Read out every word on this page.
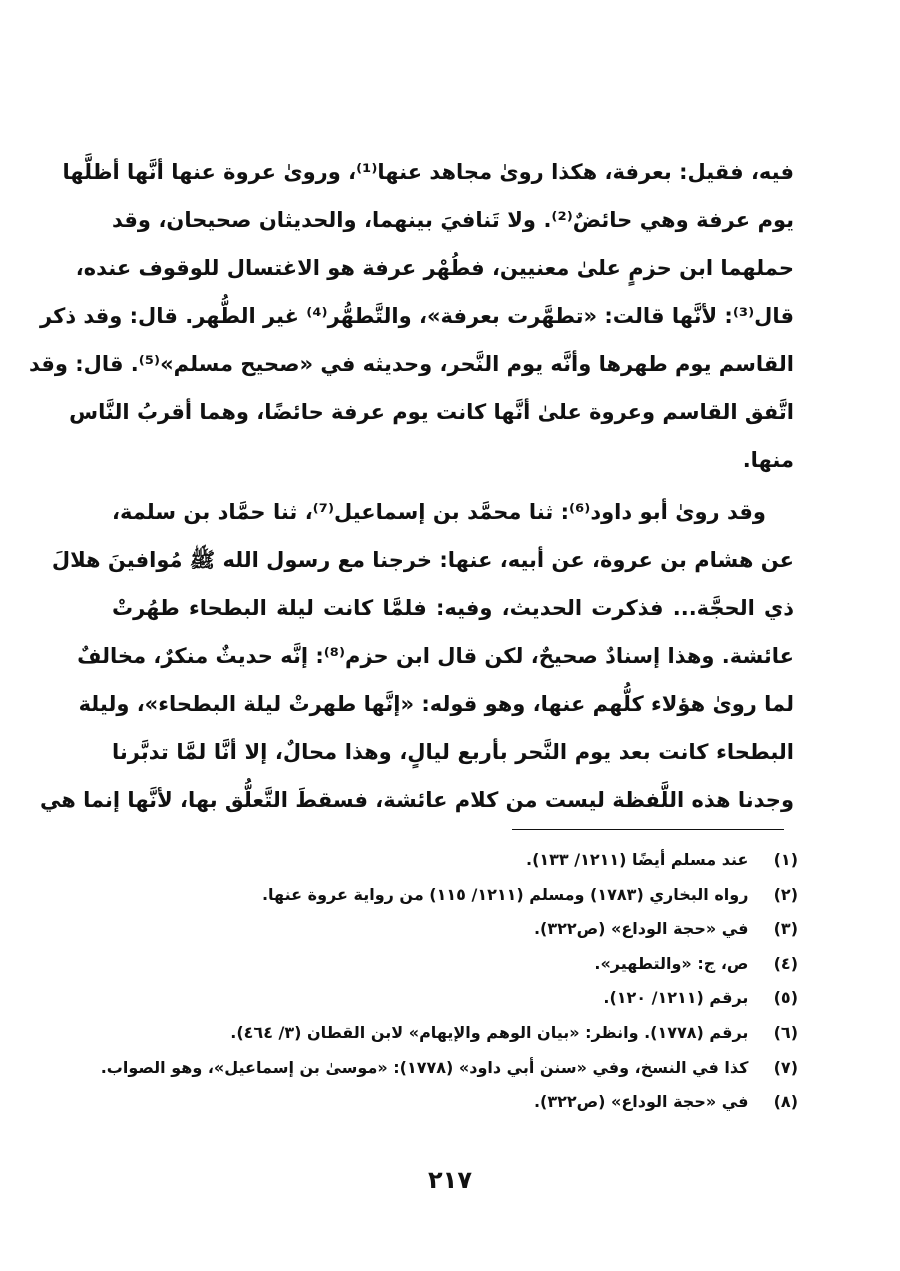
فيه، فقيل: بعرفة، هكذا روىٰ مجاهد عنها⁽¹⁾، وروىٰ عروة عنها أنَّها أظلَّها
يوم عرفة وهي حائضٌ⁽²⁾. ولا تَنافيَ بينهما، والحديثان صحيحان، وقد
حملهما ابن حزمٍ علىٰ معنيين، فطُهْر عرفة هو الاغتسال للوقوف عنده،
قال⁽³⁾: لأنَّها قالت: «تطهَّرت بعرفة»، والتَّطهُّر⁽⁴⁾ غير الطُّهر. قال: وقد ذكر
القاسم يوم طهرها وأنَّه يوم النَّحر، وحديثه في «صحيح مسلم»⁽⁵⁾. قال: وقد
اتَّفق القاسم وعروة علىٰ أنَّها كانت يوم عرفة حائضًا، وهما أقربُ النَّاس
منها.
وقد روىٰ أبو داود⁽⁶⁾: ثنا محمَّد بن إسماعيل⁽⁷⁾، ثنا حمَّاد بن سلمة،
عن هشام بن عروة، عن أبيه، عنها: خرجنا مع رسول الله ﷺ مُوافينَ هلالَ
ذي الحجَّة... فذكرت الحديث، وفيه: فلمَّا كانت ليلة البطحاء طهُرتْ
عائشة. وهذا إسنادٌ صحيحٌ، لكن قال ابن حزم⁽⁸⁾: إنَّه حديثٌ منكرٌ، مخالفٌ
لما روىٰ هؤلاء كلُّهم عنها، وهو قوله: «إنَّها طهرتْ ليلة البطحاء»، وليلة
البطحاء كانت بعد يوم النَّحر بأربع ليالٍ، وهذا محالٌ، إلا أنَّا لمَّا تدبَّرنا
وجدنا هذه اللَّفظة ليست من كلام عائشة، فسقطَ التَّعلُّق بها، لأنَّها إنما هي
(١) عند مسلم أيضًا (١٢١١/ ١٣٣).
(٢) رواه البخاري (١٧٨٣) ومسلم (١٢١١/ ١١٥) من رواية عروة عنها.
(٣) في «حجة الوداع» (ص٣٢٢).
(٤) ص، ج: «والتطهير».
(٥) برقم (١٢١١/ ١٢٠).
(٦) برقم (١٧٧٨). وانظر: «بيان الوهم والإيهام» لابن القطان (٣/ ٤٦٤).
(٧) كذا في النسخ، وفي «سنن أبي داود» (١٧٧٨): «موسىٰ بن إسماعيل»، وهو الصواب.
(٨) في «حجة الوداع» (ص٣٢٢).
٢١٧
